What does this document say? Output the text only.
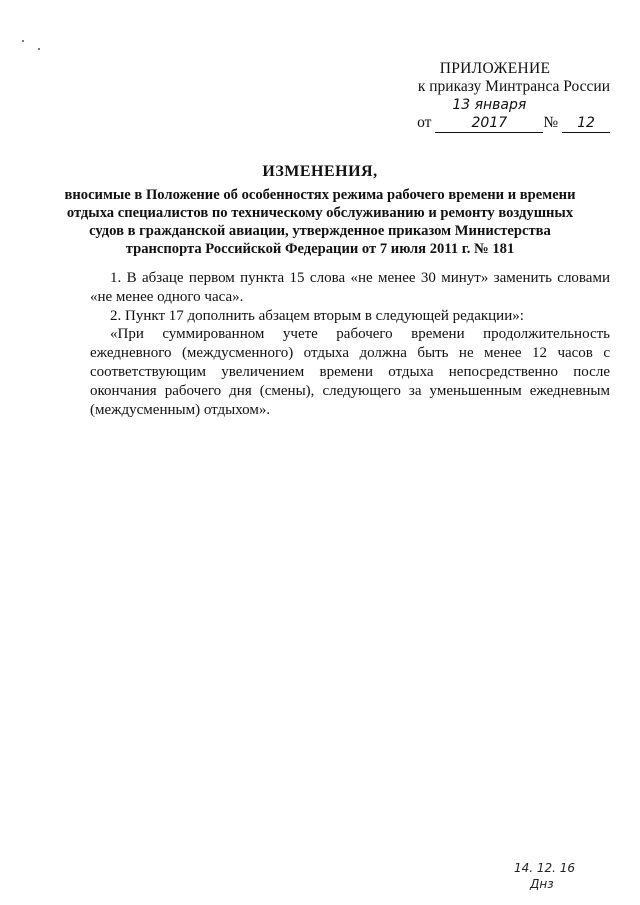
ПРИЛОЖЕНИЕ
к приказу Минтранса России
от 13 января 2017 № 12
ИЗМЕНЕНИЯ,
вносимые в Положение об особенностях режима рабочего времени и времени отдыха специалистов по техническому обслуживанию и ремонту воздушных судов в гражданской авиации, утвержденное приказом Министерства транспорта Российской Федерации от 7 июля 2011 г. № 181

1. В абзаце первом пункта 15 слова «не менее 30 минут» заменить словами «не менее одного часа».

2. Пункт 17 дополнить абзацем вторым в следующей редакции»:

«При суммированном учете рабочего времени продолжительность ежедневного (междусменного) отдыха должна быть не менее 12 часов с соответствующим увеличением времени отдыха непосредственно после окончания рабочего дня (смены), следующего за уменьшенным ежедневным (междусменным) отдыхом».

14. 12. 16
Днз
